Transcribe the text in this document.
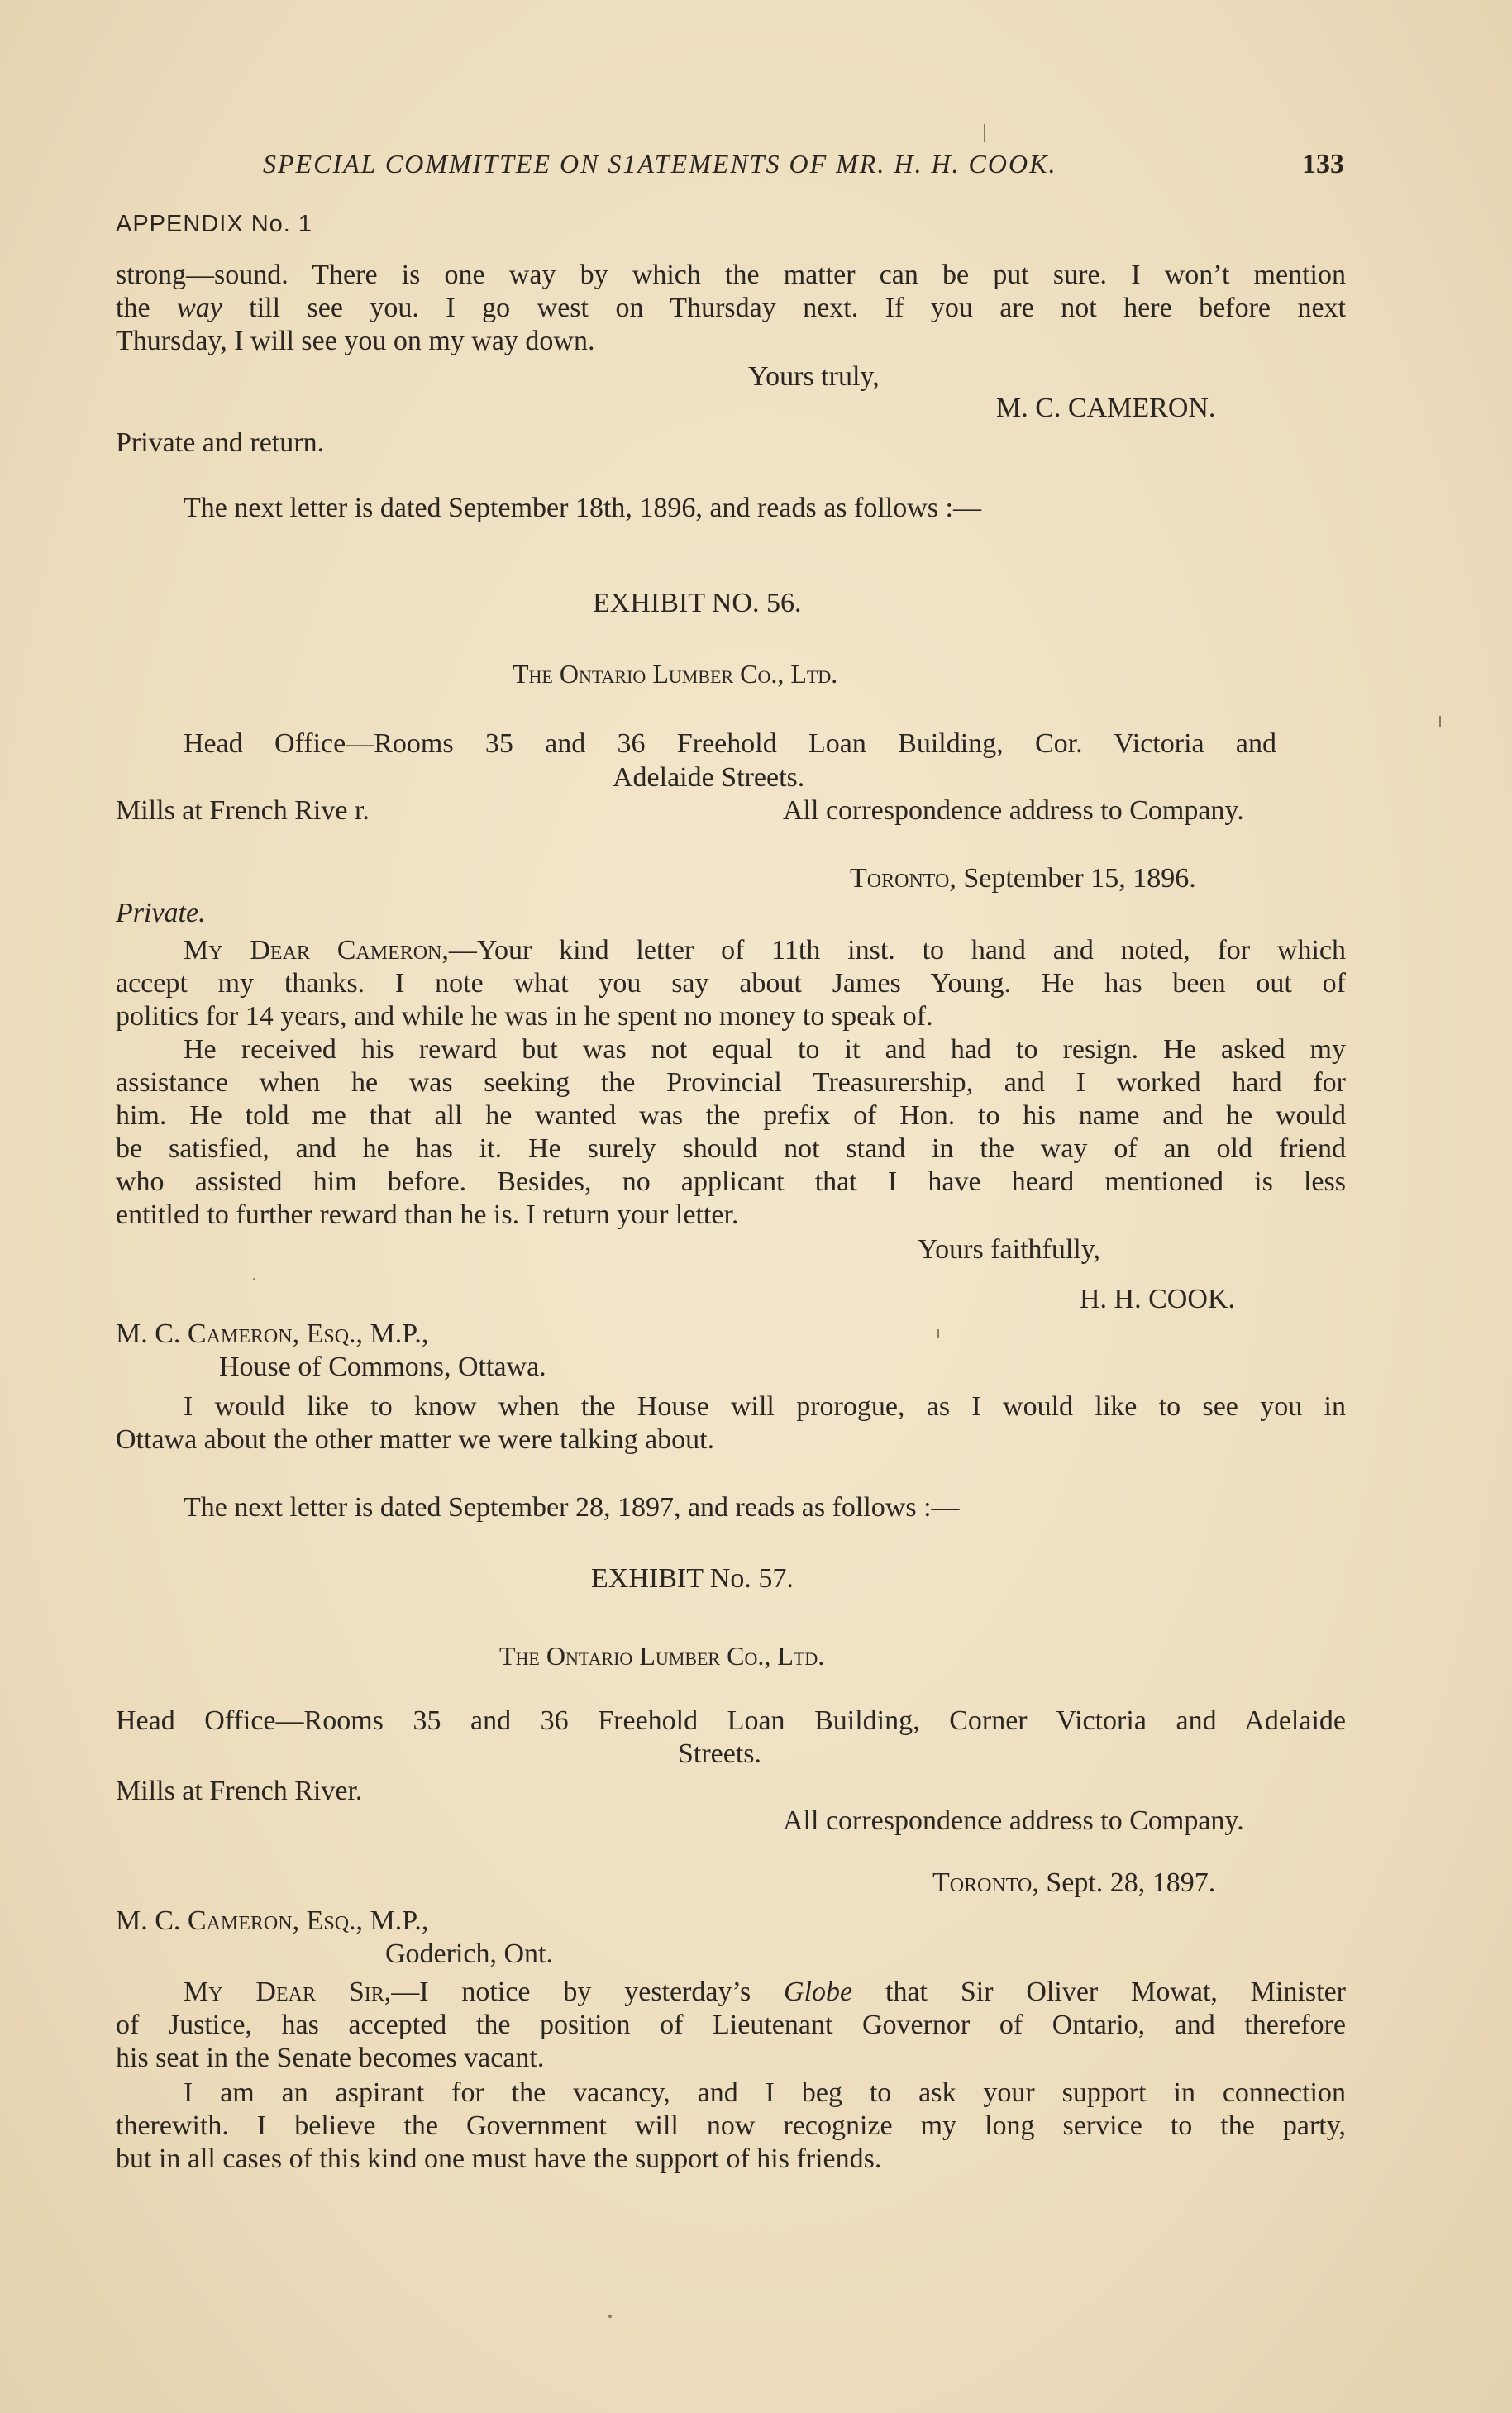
SPECIAL COMMITTEE ON S1ATEMENTS OF MR. H. H. COOK.	133
APPENDIX No. 1
strong—sound. There is one way by which the matter can be put sure. I won’t mention
the way till see you. I go west on Thursday next. If you are not here before next
Thursday, I will see you on my way down.
Yours truly,
M. C. CAMERON.
Private and return.
The next letter is dated September 18th, 1896, and reads as follows :—
EXHIBIT NO. 56.
The Ontario Lumber Co., Ltd.
Head Office—Rooms 35 and 36 Freehold Loan Building, Cor. Victoria and
Adelaide Streets.
Mills at French Rive r.	All correspondence address to Company.
Toronto, September 15, 1896.
Private.
My Dear Cameron,—Your kind letter of 11th inst. to hand and noted, for which
accept my thanks. I note what you say about James Young. He has been out of
politics for 14 years, and while he was in he spent no money to speak of.
He received his reward but was not equal to it and had to resign. He asked my
assistance when he was seeking the Provincial Treasurership, and I worked hard for
him. He told me that all he wanted was the prefix of Hon. to his name and he would
be satisfied, and he has it. He surely should not stand in the way of an old friend
who assisted him before. Besides, no applicant that I have heard mentioned is less
entitled to further reward than he is. I return your letter.
Yours faithfully,
H. H. COOK.
M. C. Cameron, Esq., M.P.,
House of Commons, Ottawa.
I would like to know when the House will prorogue, as I would like to see you in
Ottawa about the other matter we were talking about.
The next letter is dated September 28, 1897, and reads as follows :—
EXHIBIT No. 57.
The Ontario Lumber Co., Ltd.
Head Office—Rooms 35 and 36 Freehold Loan Building, Corner Victoria and Adelaide
Streets.
Mills at French River.
All correspondence address to Company.
Toronto, Sept. 28, 1897.
M. C. Cameron, Esq., M.P.,
Goderich, Ont.
My Dear Sir,—I notice by yesterday’s Globe that Sir Oliver Mowat, Minister
of Justice, has accepted the position of Lieutenant Governor of Ontario, and therefore
his seat in the Senate becomes vacant.
I am an aspirant for the vacancy, and I beg to ask your support in connection
therewith. I believe the Government will now recognize my long service to the party,
but in all cases of this kind one must have the support of his friends.
